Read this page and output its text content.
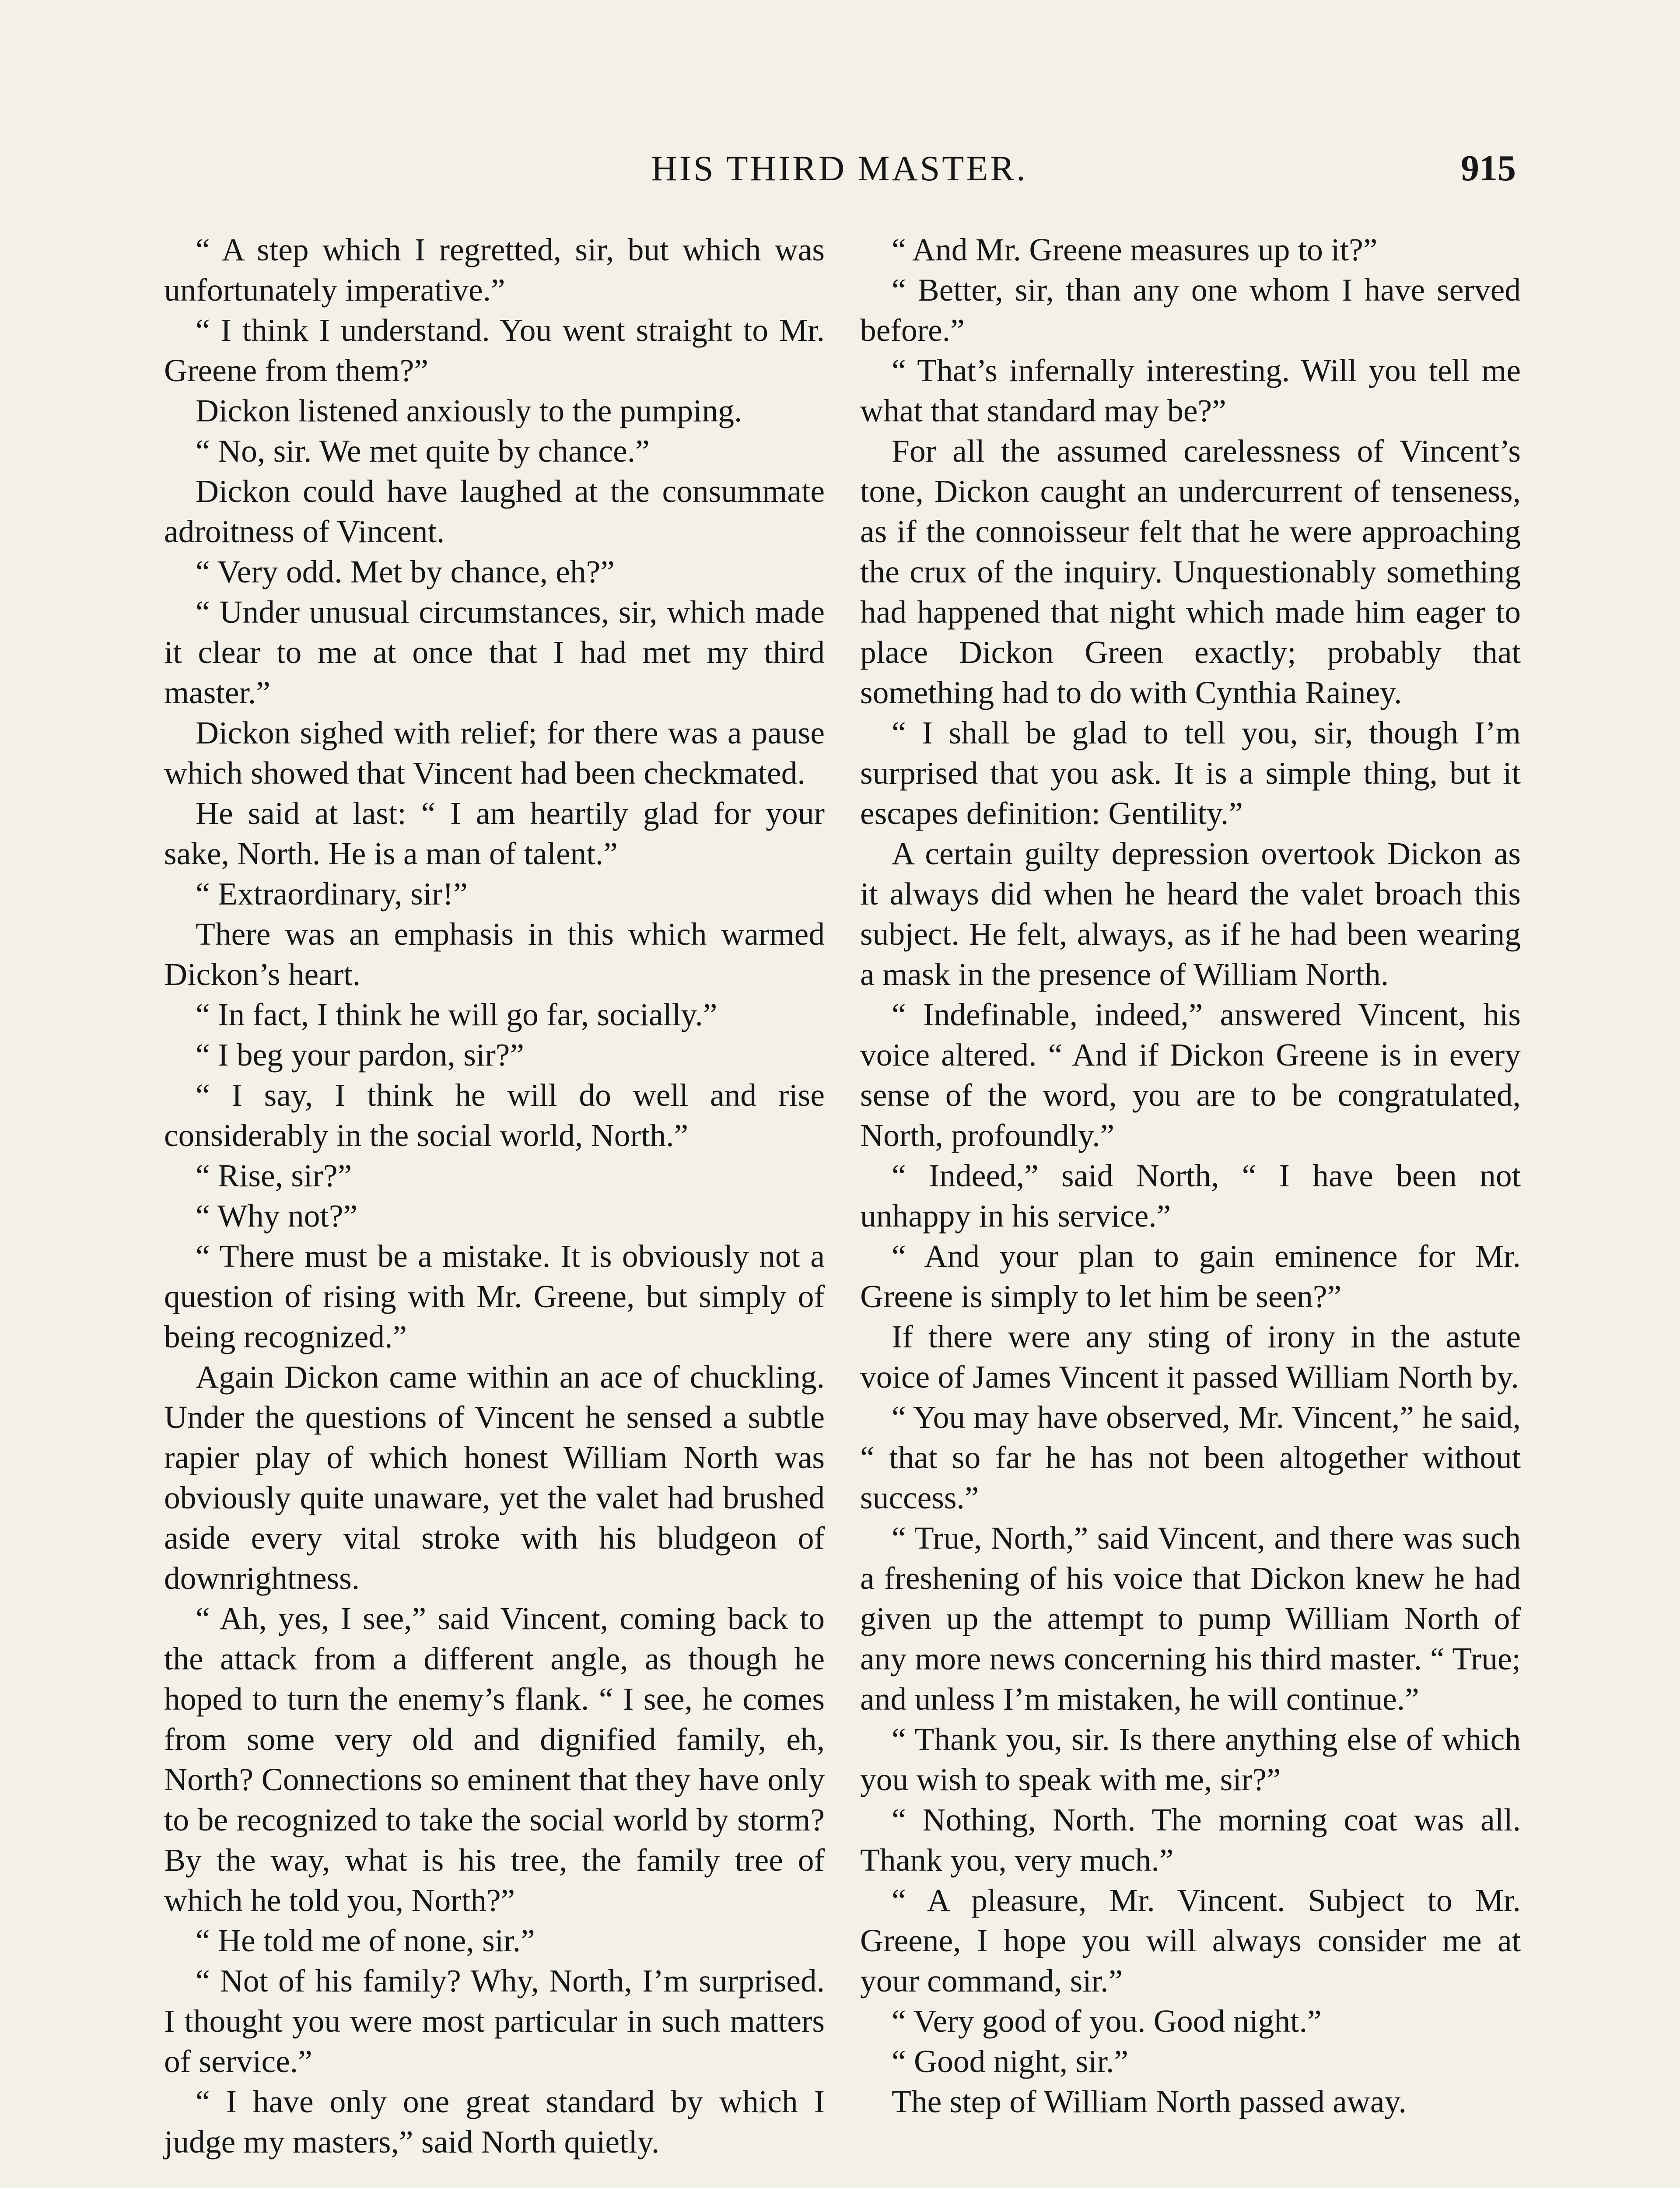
HIS THIRD MASTER.	915

“ A step which I regretted, sir, but which was unfortunately imperative.”

“ I think I understand. You went straight to Mr. Greene from them?”

Dickon listened anxiously to the pumping.

“ No, sir. We met quite by chance.”

Dickon could have laughed at the consummate adroitness of Vincent.

“ Very odd. Met by chance, eh?”

“ Under unusual circumstances, sir, which made it clear to me at once that I had met my third master.”

Dickon sighed with relief; for there was a pause which showed that Vincent had been checkmated.

He said at last: “ I am heartily glad for your sake, North. He is a man of talent.”

“ Extraordinary, sir!”

There was an emphasis in this which warmed Dickon’s heart.

“ In fact, I think he will go far, socially.”

“ I beg your pardon, sir?”

“ I say, I think he will do well and rise considerably in the social world, North.”

“ Rise, sir?”

“ Why not?”

“ There must be a mistake. It is obviously not a question of rising with Mr. Greene, but simply of being recognized.”

Again Dickon came within an ace of chuckling. Under the questions of Vincent he sensed a subtle rapier play of which honest William North was obviously quite unaware, yet the valet had brushed aside every vital stroke with his bludgeon of downrightness.

“ Ah, yes, I see,” said Vincent, coming back to the attack from a different angle, as though he hoped to turn the enemy’s flank. “ I see, he comes from some very old and dignified family, eh, North? Connections so eminent that they have only to be recognized to take the social world by storm? By the way, what is his tree, the family tree of which he told you, North?”

“ He told me of none, sir.”

“ Not of his family? Why, North, I’m surprised. I thought you were most particular in such matters of service.”

“ I have only one great standard by which I judge my masters,” said North quietly.

“ And Mr. Greene measures up to it?”

“ Better, sir, than any one whom I have served before.”

“ That’s infernally interesting. Will you tell me what that standard may be?”

For all the assumed carelessness of Vincent’s tone, Dickon caught an undercurrent of tenseness, as if the connoisseur felt that he were approaching the crux of the inquiry. Unquestionably something had happened that night which made him eager to place Dickon Green exactly; probably that something had to do with Cynthia Rainey.

“ I shall be glad to tell you, sir, though I’m surprised that you ask. It is a simple thing, but it escapes definition: Gentility.”

A certain guilty depression overtook Dickon as it always did when he heard the valet broach this subject. He felt, always, as if he had been wearing a mask in the presence of William North.

“ Indefinable, indeed,” answered Vincent, his voice altered. “ And if Dickon Greene is in every sense of the word, you are to be congratulated, North, profoundly.”

“ Indeed,” said North, “ I have been not unhappy in his service.”

“ And your plan to gain eminence for Mr. Greene is simply to let him be seen?”

If there were any sting of irony in the astute voice of James Vincent it passed William North by.

“ You may have observed, Mr. Vincent,” he said, “ that so far he has not been altogether without success.”

“ True, North,” said Vincent, and there was such a freshening of his voice that Dickon knew he had given up the attempt to pump William North of any more news concerning his third master. “ True; and unless I’m mistaken, he will continue.”

“ Thank you, sir. Is there anything else of which you wish to speak with me, sir?”

“ Nothing, North. The morning coat was all. Thank you, very much.”

“ A pleasure, Mr. Vincent. Subject to Mr. Greene, I hope you will always consider me at your command, sir.”

“ Very good of you. Good night.”

“ Good night, sir.”

The step of William North passed away.
